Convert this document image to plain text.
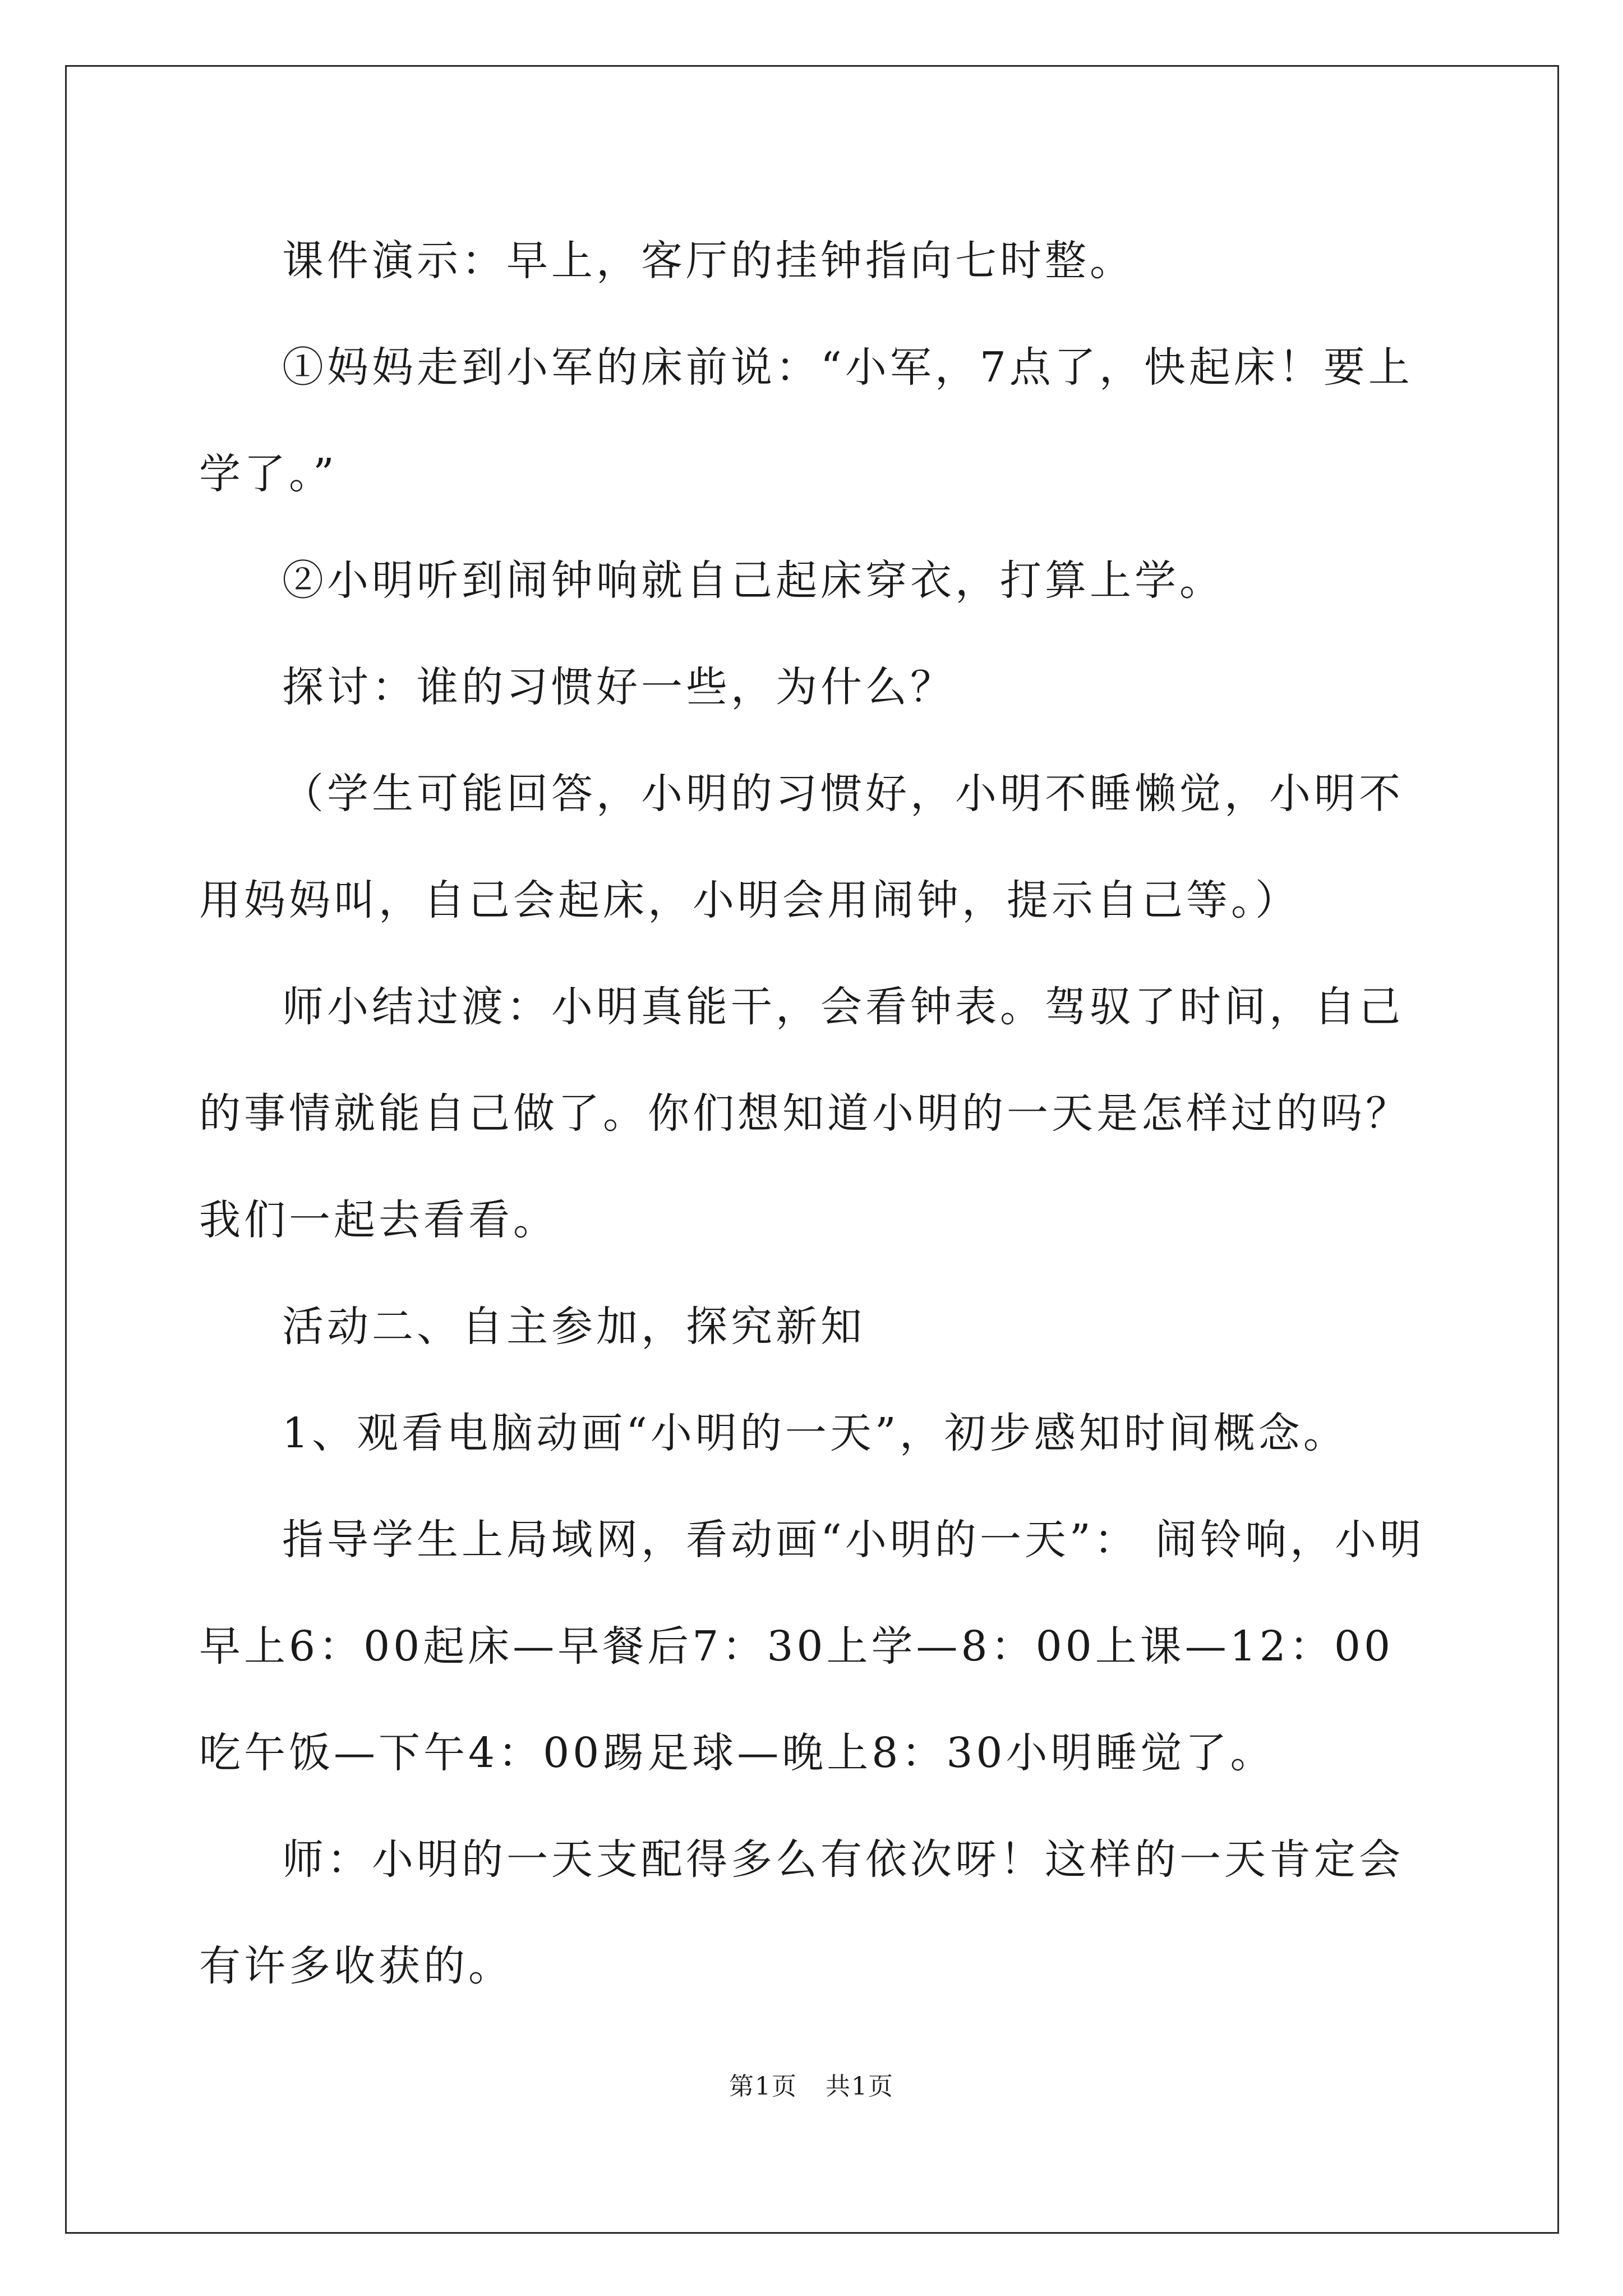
课件演示：早上，客厅的挂钟指向七时整。

①妈妈走到小军的床前说：“小军，7点了，快起床！要上学了。”

②小明听到闹钟响就自己起床穿衣，打算上学。

探讨：谁的习惯好一些，为什么？

（学生可能回答，小明的习惯好，小明不睡懒觉，小明不用妈妈叫，自己会起床，小明会用闹钟，提示自己等。）

师小结过渡：小明真能干，会看钟表。驾驭了时间，自己的事情就能自己做了。你们想知道小明的一天是怎样过的吗？我们一起去看看。

活动二、自主参加，探究新知

1、观看电脑动画“小明的一天”，初步感知时间概念。

指导学生上局域网，看动画“小明的一天”： 闹铃响，小明早上6：00起床—早餐后7：30上学—8：00上课—12：00吃午饭—下午4：00踢足球—晚上8：30小明睡觉了。

师：小明的一天支配得多么有依次呀！这样的一天肯定会有许多收获的。

第1页 共1页
